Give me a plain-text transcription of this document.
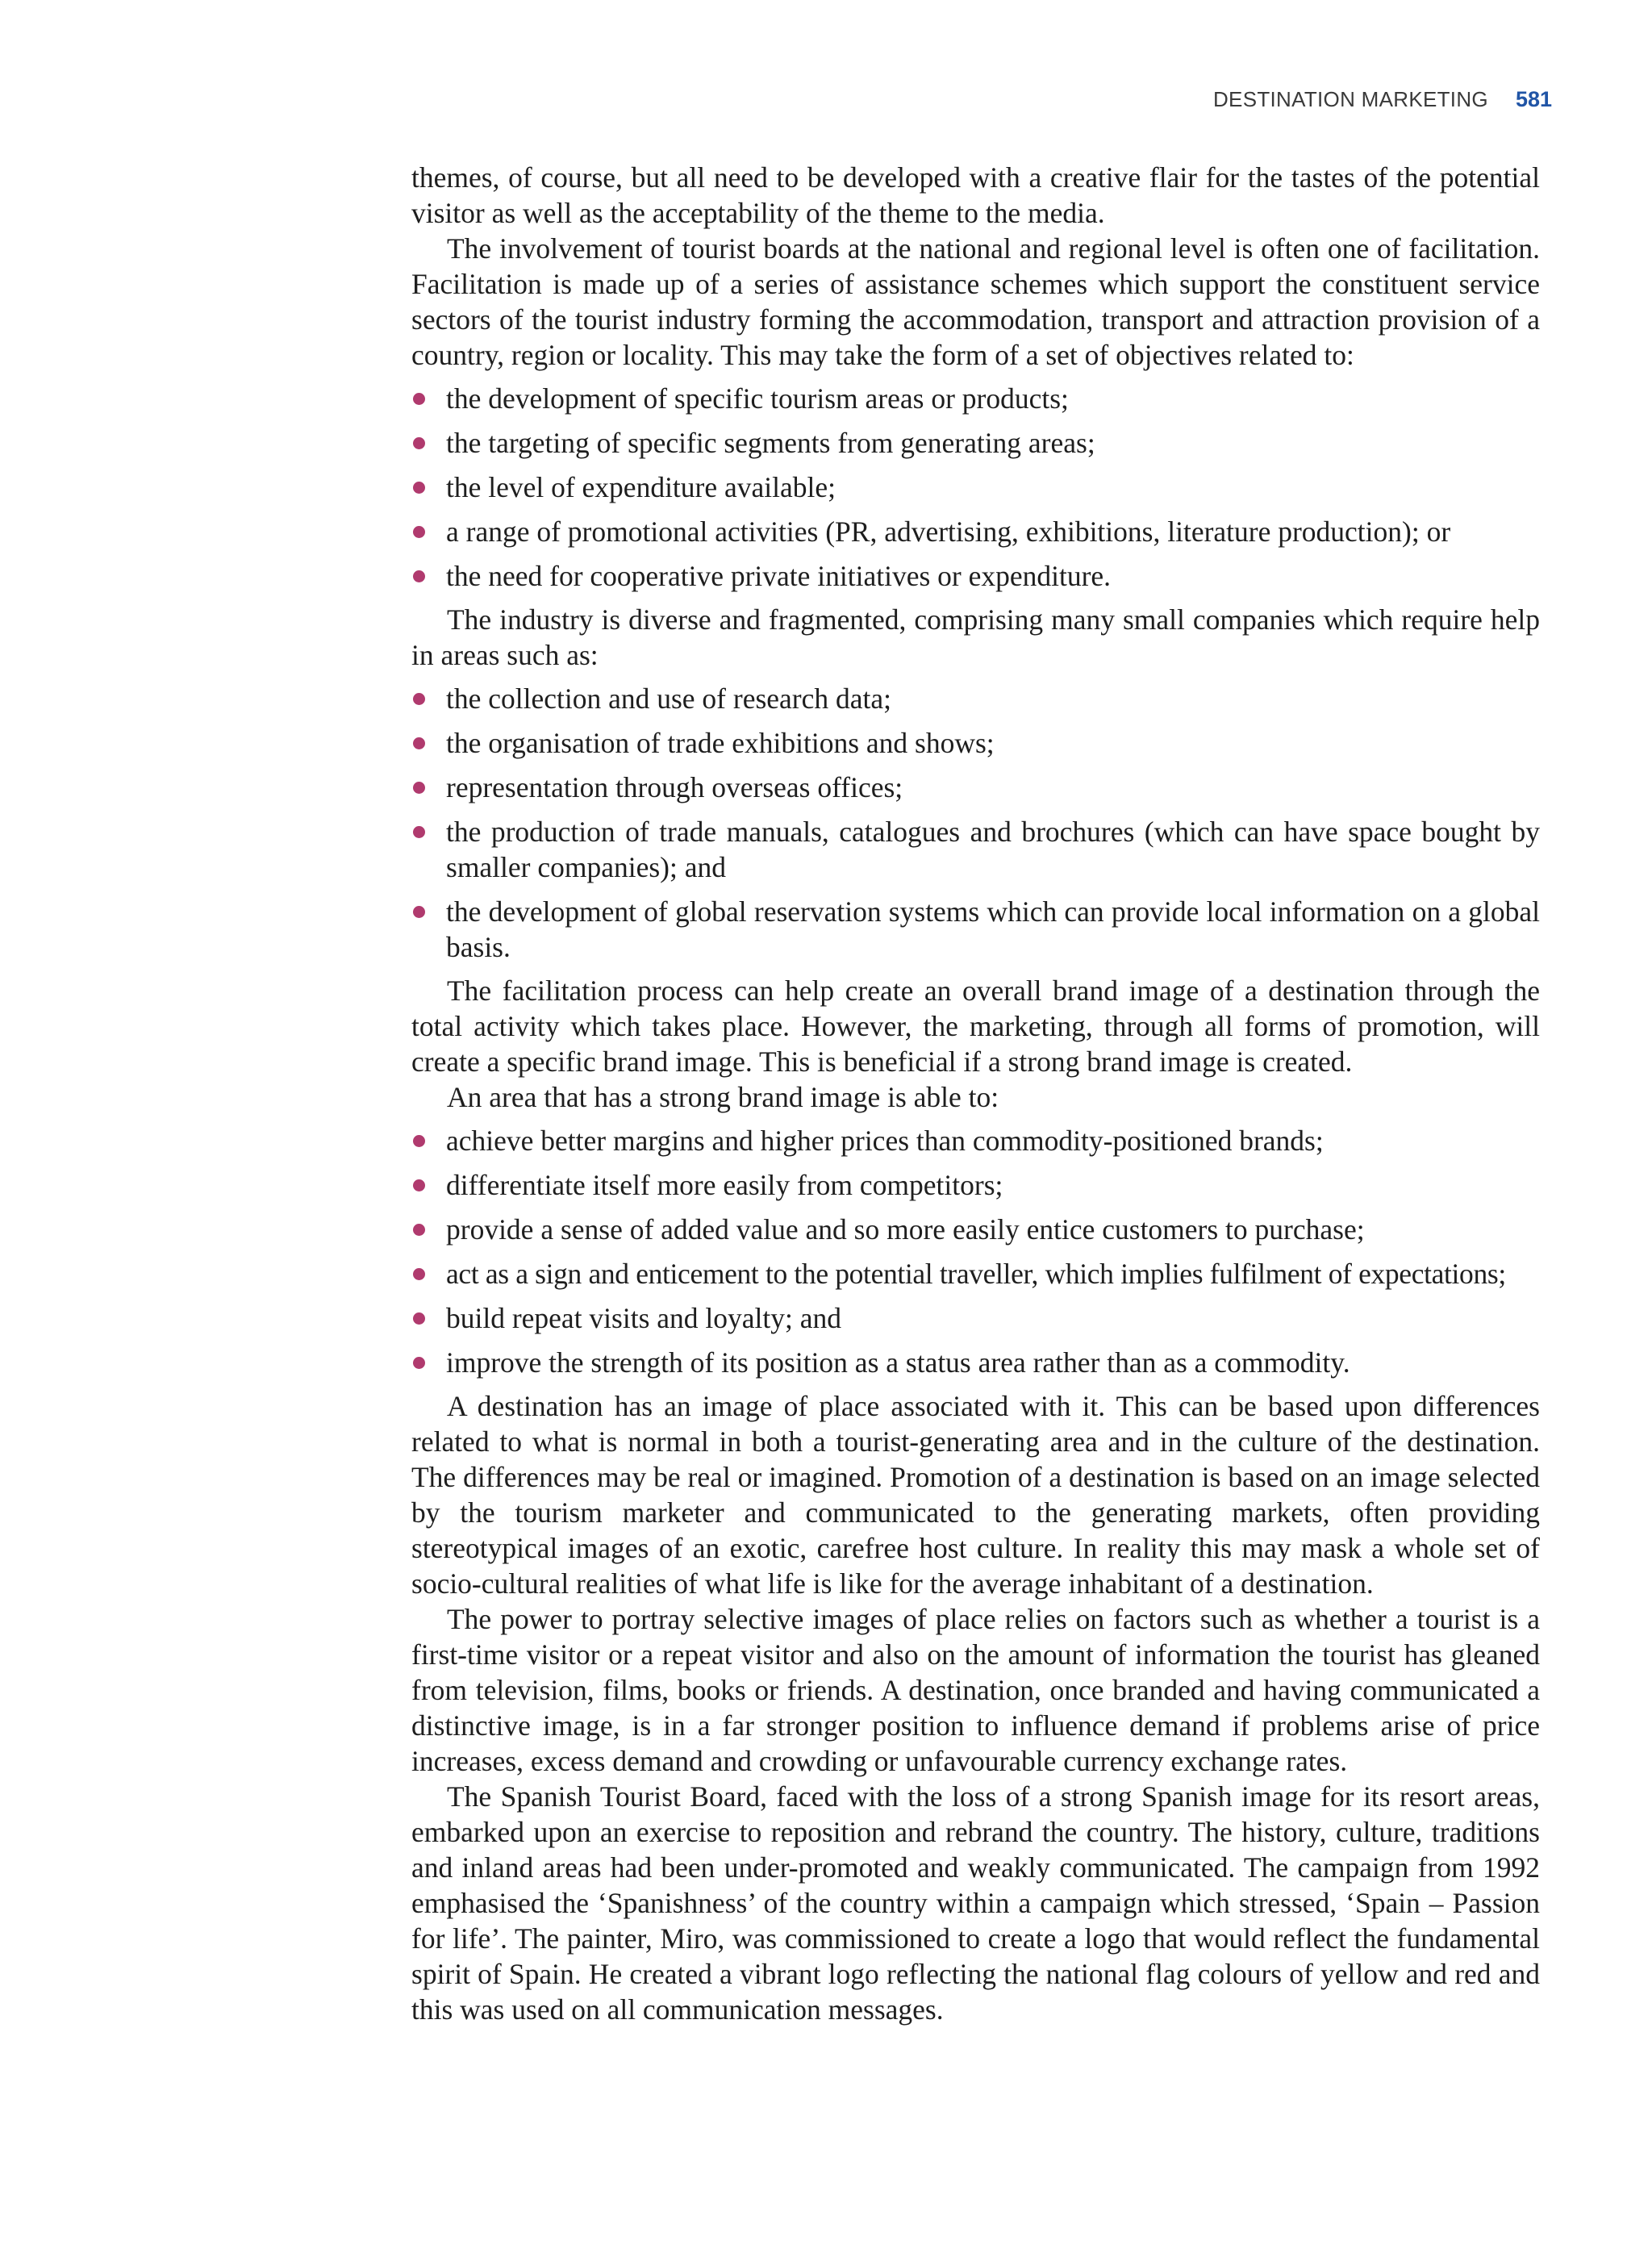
DESTINATION MARKETING 581

themes, of course, but all need to be developed with a creative flair for the tastes of the potential visitor as well as the acceptability of the theme to the media.

The involvement of tourist boards at the national and regional level is often one of facilitation. Facilitation is made up of a series of assistance schemes which support the constituent service sectors of the tourist industry forming the accommodation, transport and attraction provision of a country, region or locality. This may take the form of a set of objectives related to:

the development of specific tourism areas or products;
the targeting of specific segments from generating areas;
the level of expenditure available;
a range of promotional activities (PR, advertising, exhibitions, literature production); or
the need for cooperative private initiatives or expenditure.

The industry is diverse and fragmented, comprising many small companies which require help in areas such as:

the collection and use of research data;
the organisation of trade exhibitions and shows;
representation through overseas offices;
the production of trade manuals, catalogues and brochures (which can have space bought by smaller companies); and
the development of global reservation systems which can provide local information on a global basis.

The facilitation process can help create an overall brand image of a destination through the total activity which takes place. However, the marketing, through all forms of promotion, will create a specific brand image. This is beneficial if a strong brand image is created.

An area that has a strong brand image is able to:

achieve better margins and higher prices than commodity-positioned brands;
differentiate itself more easily from competitors;
provide a sense of added value and so more easily entice customers to purchase;
act as a sign and enticement to the potential traveller, which implies fulfilment of expectations;
build repeat visits and loyalty; and
improve the strength of its position as a status area rather than as a commodity.

A destination has an image of place associated with it. This can be based upon differences related to what is normal in both a tourist-generating area and in the culture of the destination. The differences may be real or imagined. Promotion of a destination is based on an image selected by the tourism marketer and communicated to the generating markets, often providing stereotypical images of an exotic, carefree host culture. In reality this may mask a whole set of socio-cultural realities of what life is like for the average inhabitant of a destination.

The power to portray selective images of place relies on factors such as whether a tourist is a first-time visitor or a repeat visitor and also on the amount of information the tourist has gleaned from television, films, books or friends. A destination, once branded and having communicated a distinctive image, is in a far stronger position to influence demand if problems arise of price increases, excess demand and crowding or unfavourable currency exchange rates.

The Spanish Tourist Board, faced with the loss of a strong Spanish image for its resort areas, embarked upon an exercise to reposition and rebrand the country. The history, culture, traditions and inland areas had been under-promoted and weakly communicated. The campaign from 1992 emphasised the ‘Spanishness’ of the country within a campaign which stressed, ‘Spain – Passion for life’. The painter, Miro, was commissioned to create a logo that would reflect the fundamental spirit of Spain. He created a vibrant logo reflecting the national flag colours of yellow and red and this was used on all communication messages.
